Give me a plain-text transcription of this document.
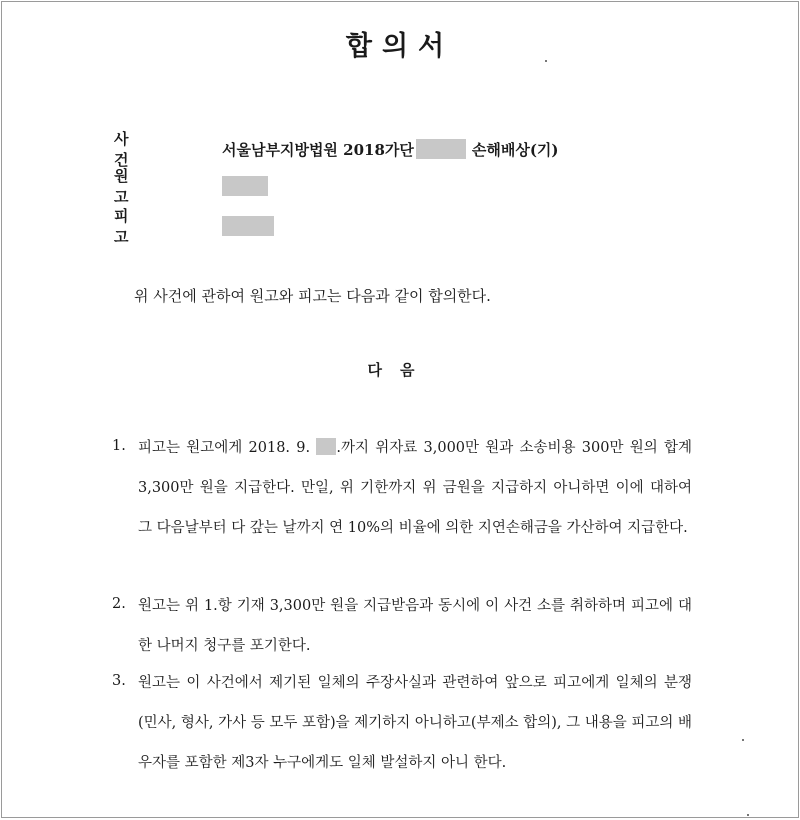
합의서
사건
서울남부지방법원 2018가단	손해배상(기)
원고
피고
위 사건에 관하여 원고와 피고는 다음과 같이 합의한다.
다음
1. 피고는 원고에게 2018. 9. .까지 위자료 3,000만 원과 소송비용 300만 원의 합계 3,300만 원을 지급한다. 만일, 위 기한까지 위 금원을 지급하지 아니하면 이에 대하여 그 다음날부터 다 갚는 날까지 연 10%의 비율에 의한 지연손해금을 가산하여 지급한다.
2. 원고는 위 1.항 기재 3,300만 원을 지급받음과 동시에 이 사건 소를 취하하며 피고에 대한 나머지 청구를 포기한다.
3. 원고는 이 사건에서 제기된 일체의 주장사실과 관련하여 앞으로 피고에게 일체의 분쟁(민사, 형사, 가사 등 모두 포함)을 제기하지 아니하고(부제소 합의), 그 내용을 피고의 배우자를 포함한 제3자 누구에게도 일체 발설하지 아니 한다.
